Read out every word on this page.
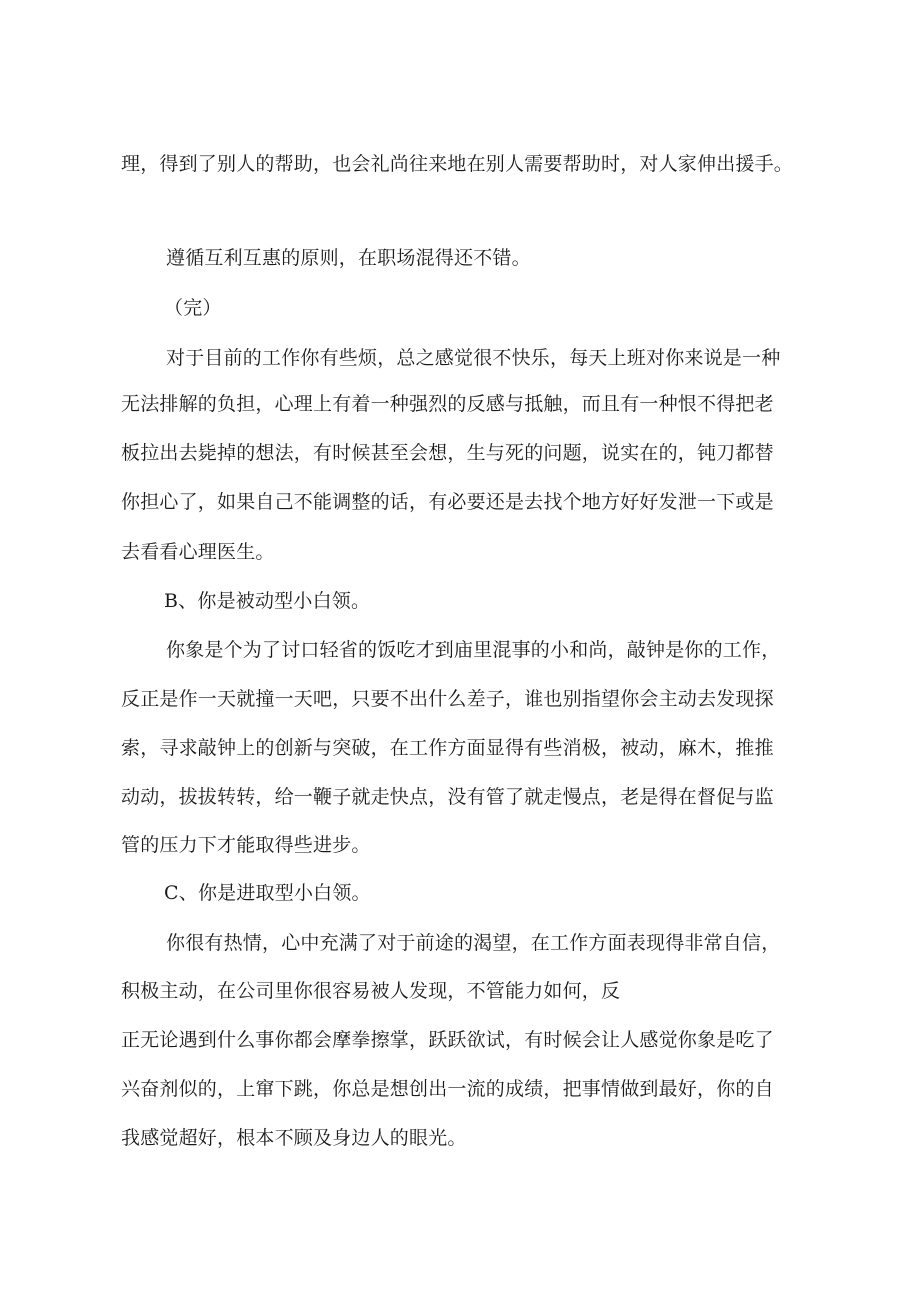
理，得到了别人的帮助，也会礼尚往来地在别人需要帮助时，对人家伸出援手。
遵循互利互惠的原则，在职场混得还不错。
（完）
对于目前的工作你有些烦，总之感觉很不快乐，每天上班对你来说是一种
无法排解的负担，心理上有着一种强烈的反感与抵触，而且有一种恨不得把老
板拉出去毙掉的想法，有时候甚至会想，生与死的问题，说实在的，钝刀都替
你担心了，如果自己不能调整的话，有必要还是去找个地方好好发泄一下或是
去看看心理医生。
B、你是被动型小白领。
你象是个为了讨口轻省的饭吃才到庙里混事的小和尚，敲钟是你的工作，
反正是作一天就撞一天吧，只要不出什么差子，谁也别指望你会主动去发现探
索，寻求敲钟上的创新与突破，在工作方面显得有些消极，被动，麻木，推推
动动，拔拔转转，给一鞭子就走快点，没有管了就走慢点，老是得在督促与监
管的压力下才能取得些进步。
C、你是进取型小白领。
你很有热情，心中充满了对于前途的渴望，在工作方面表现得非常自信，
积极主动，在公司里你很容易被人发现，不管能力如何，反
正无论遇到什么事你都会摩拳擦掌，跃跃欲试，有时候会让人感觉你象是吃了
兴奋剂似的，上窜下跳，你总是想创出一流的成绩，把事情做到最好，你的自
我感觉超好，根本不顾及身边人的眼光。
